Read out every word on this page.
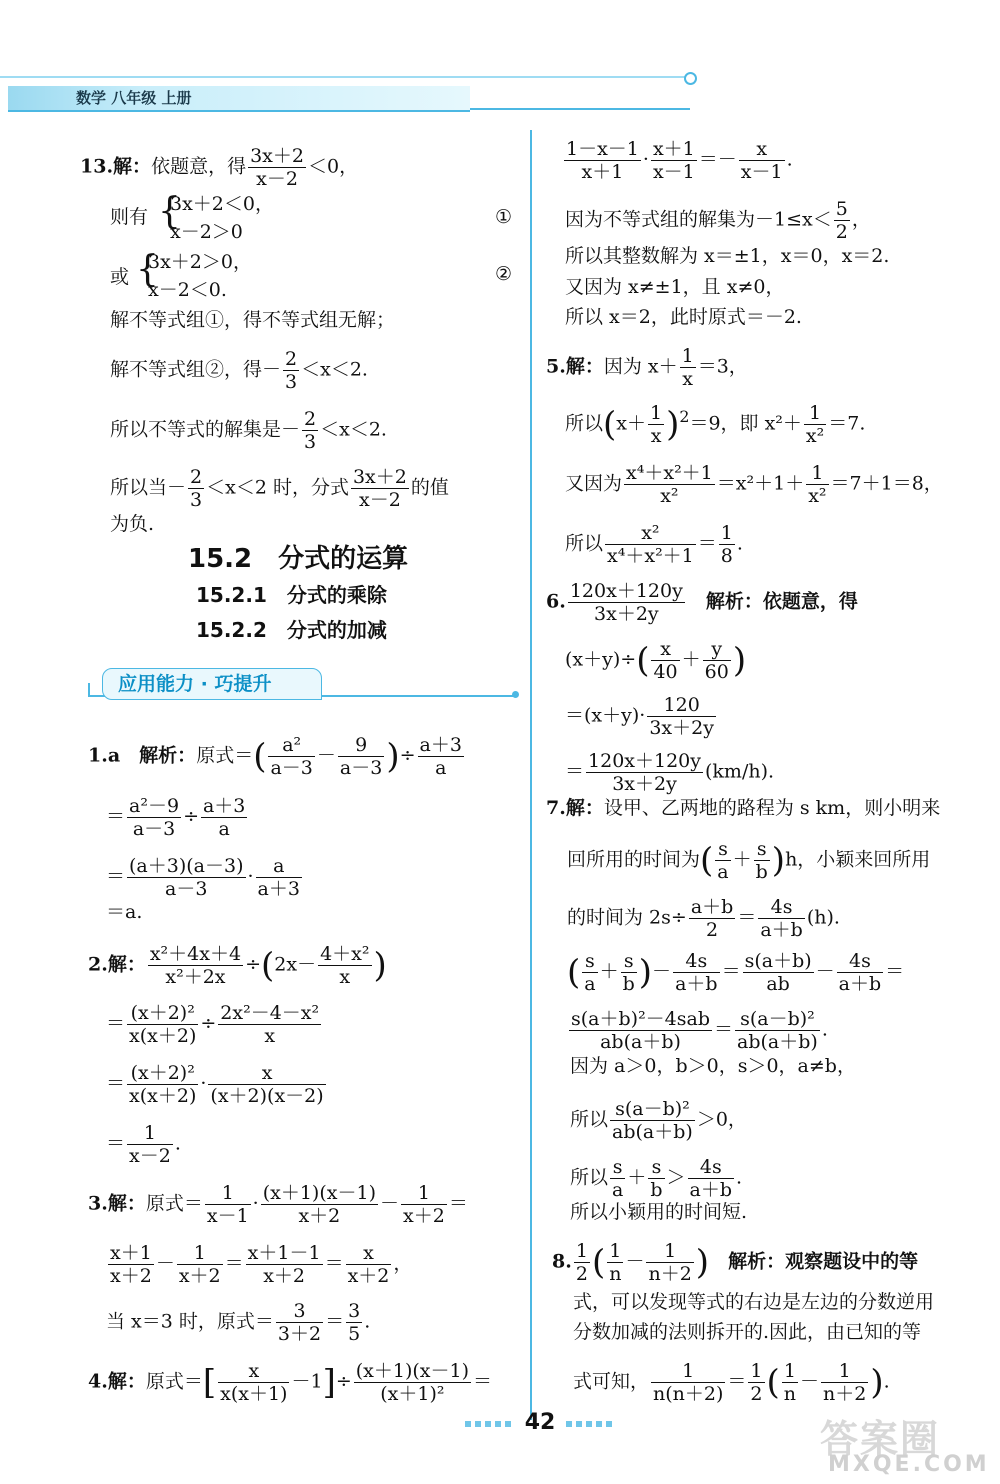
数学 八年级 上册
13.解：依题意，得 $\frac{3x+2}{x-2} <0$，
则有 {
3x＋2＜0，
x－2＞0
①
或 {
3x＋2＞0，
x－2＜0.
②
解不等式组①，得不等式组无解；
解不等式组②，得－ $\frac{2}{3} <x<2$.
所以不等式的解集是－ $\frac{2}{3} <x<2$.
所以当－ $\frac{2}{3} <x<2$ 时，分式 $\frac{3x+2}{x-2}$ 的值
为负.
15.2　分式的运算
15.2.1　分式的乘除
15.2.2　分式的加减
应用能力 · 巧提升
1.a　 解析：原式＝( $\frac{\text{a²}}{a-3} - \frac{9}{a-3}$ )÷ $\frac{a+3}{a}$
＝ $\frac{\text{a²－9}}{a-3} \div \frac{a+3}{a}$
＝ $\frac{(a+3)(a-3)}{a-3} \cdot \frac{a}{a+3}$
＝a.
2.解： $\frac{\text{x²＋4x＋4}}{\text{x²＋2x}} \div(2x- \frac{\text{4＋x²}}{x}$ )
＝ $\frac{\text{(x＋2)²}}{x(x+2)} \div \frac{\text{2x²－4－x²}}{x}$
＝ $\frac{\text{(x＋2)²}}{x(x+2)} \cdot \frac{x}{(x+2)(x-2)}$
＝ $\frac{1}{x-2}$ .
3.解：原式＝ $\frac{1}{x-1} \cdot \frac{(x+1)(x-1)}{x+2} - \frac{1}{x+2}$ ＝
$\frac{x+1}{x+2} - \frac{1}{x+2} = \frac{x+1-1}{x+2} = \frac{x}{x+2}$ ，
当 x＝3 时，原式＝ $\frac{3}{3+2} = \frac{3}{5}$ .
4.解：原式＝[ $\frac{x}{x(x+1)} -1]\div \frac{(x+1)(x-1)}{\text{(x＋1)²}}$ ＝
$\frac{1-x-1}{x+1} \cdot \frac{x+1}{x-1} =- \frac{x}{x-1}$ .
因为不等式组的解集为$-1\le x< \frac{5}{2}$ ，
所以其整数解为 x＝±1，x＝0，x＝2.
又因为 x≠±1，且 x≠0，
所以 x＝2，此时原式＝－2.
5.解：因为 $x+ \frac{1}{x} =3$，
所以$(x+ \frac{1}{x} )^2=9$，即 $x^2+ \frac{1}{\text{x²}} =7$.
又因为 $\frac{\text{x⁴＋x²＋1}}{\text{x²}} =x^2+1+ \frac{1}{\text{x²}} =7+1=8$，
所以 $\frac{\text{x²}}{\text{x⁴＋x²＋1}} = \frac{1}{8}$ .
6. $\frac{120x+120y}{3x+2y}$
　 解析：依题意，得
$(x+y)\div( \frac{x}{40} + \frac{y}{60}$ )
$=(x+y)\cdot \frac{120}{3x+2y}$
＝ $\frac{120x+120y}{3x+2y} (km/h)$.
7.解：设甲、乙两地的路程为 s km，则小明来
回所用的时间为( $\frac{s}{a} + \frac{s}{b} )h$，小颖来回所用
的时间为 $2s\div \frac{a+b}{2} = \frac{4s}{a+b} (h)$.
( $\frac{s}{a} + \frac{s}{b}$ )－ $\frac{4s}{a+b} = \frac{s(a+b)}{ab} - \frac{4s}{a+b}$ ＝
$\frac{\text{s(a＋b)²－4sab}}{ab(a+b)} = \frac{\text{s(a－b)²}}{ab(a+b)}$ .
因为 a＞0，b＞0，s＞0，a≠b，
所以 $\frac{\text{s(a－b)²}}{ab(a+b)} >0$，
所以 $\frac{s}{a} + \frac{s}{b} > \frac{4s}{a+b}$ .
所以小颖用的时间短.
8. $\frac{1}{2}$ ( $\frac{1}{n} - \frac{1}{n+2}$ )　 解析：观察题设中的等
式，可以发现等式的右边是左边的分数逆用
分数加减的法则拆开的.因此，由已知的等
式可知， $\frac{1}{n(n+2)} = \frac{1}{2}$ ( $\frac{1}{n} - \frac{1}{n+2}$ ).
42	答案圈
MXQE.COM
